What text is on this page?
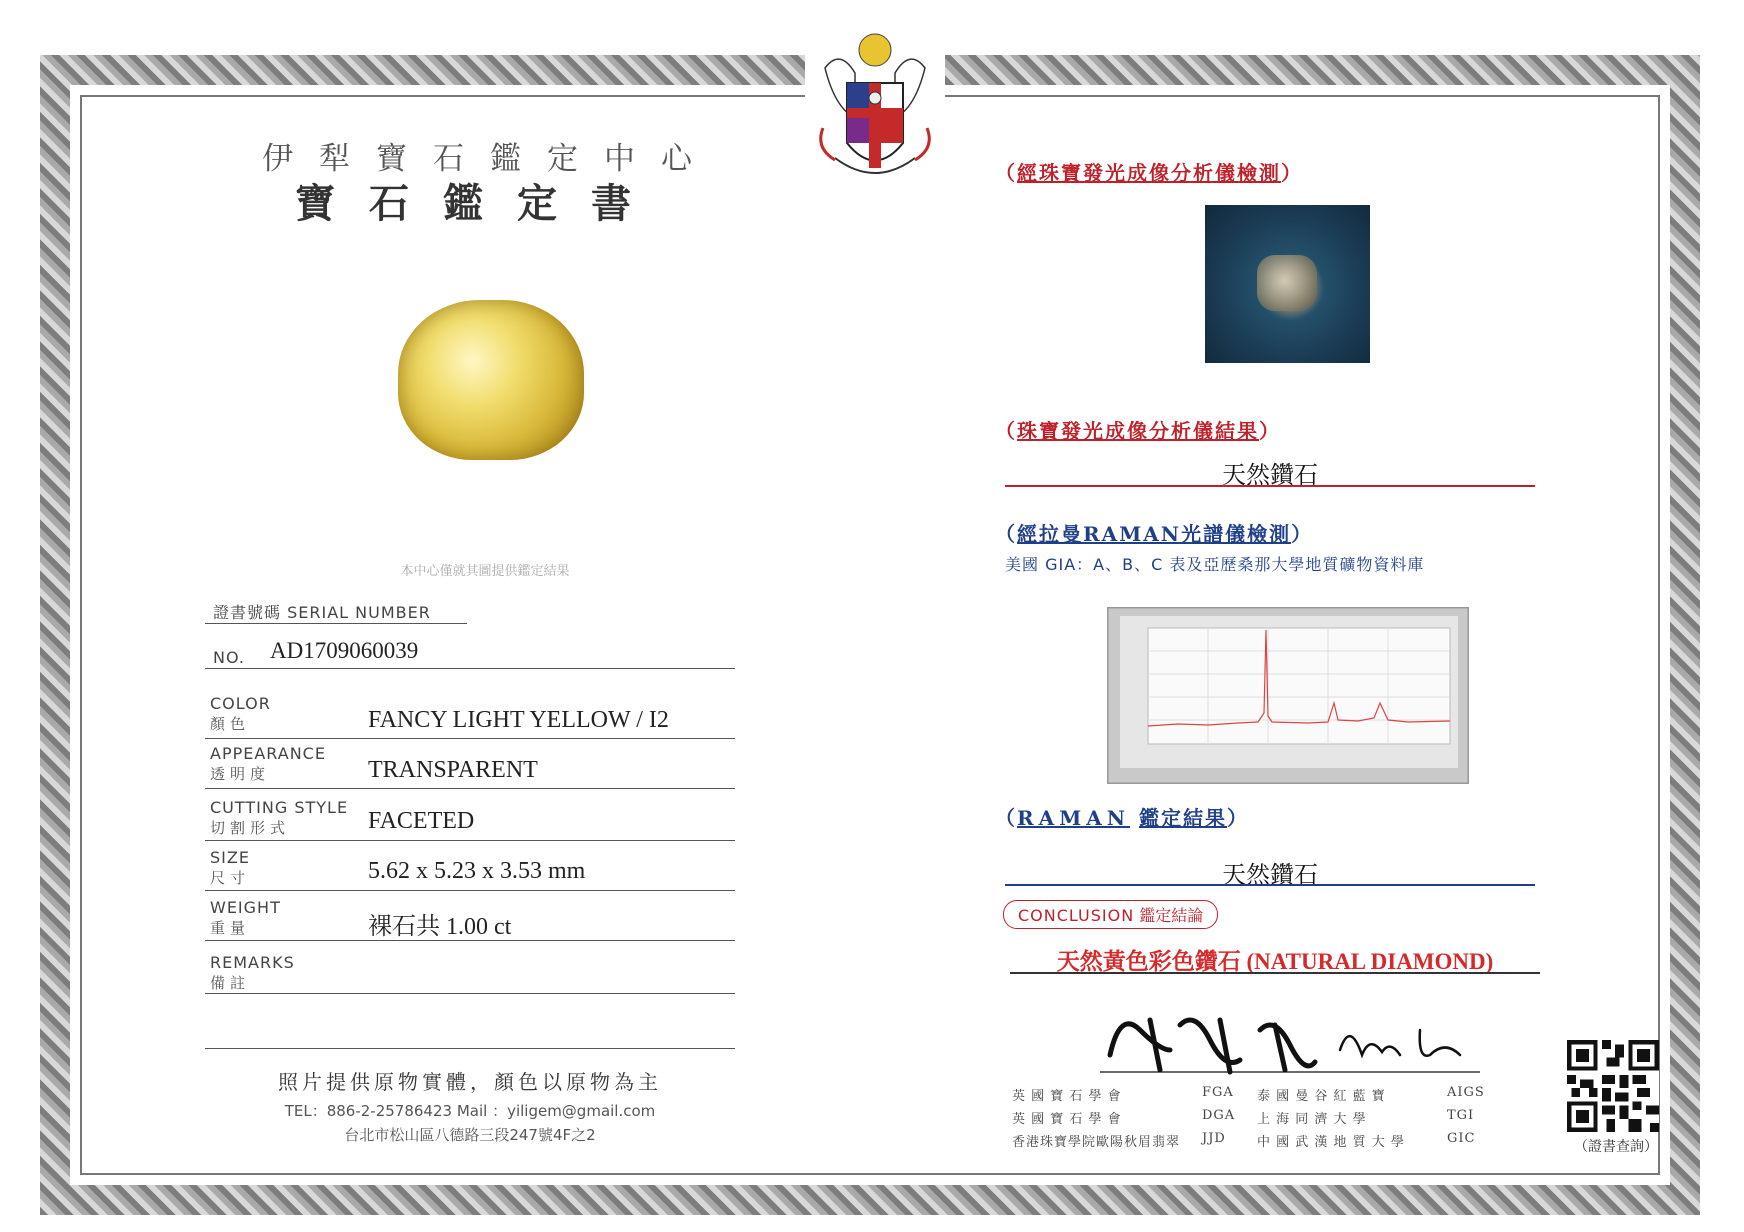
伊犁寶石鑑定中心
寶石鑑定書
本中心僅就其圖提供鑑定結果
證書號碼 SERIAL NUMBER
NO. AD1709060039
COLOR
顏色	FANCY LIGHT YELLOW / I2
APPEARANCE
透明度	TRANSPARENT
CUTTING STYLE
切割形式	FACETED
SIZE
尺寸	5.62 x 5.23 x 3.53 mm
WEIGHT
重量	裸石共 1.00 ct
REMARKS
備註
照片提供原物實體，顏色以原物為主
TEL：886-2-25786423 Mail ：yiligem@gmail.com
台北市松山區八德路三段247號4F之2
（經珠寶發光成像分析儀檢測）
（珠寶發光成像分析儀結果）
天然鑽石
（經拉曼RAMAN光譜儀檢測）
美國 GIA：A、B、C 表及亞歷桑那大學地質礦物資料庫
（RAMAN 鑑定結果）
天然鑽石
CONCLUSION 鑑定結論
天然黃色彩色鑽石 (NATURAL DIAMOND)
英 國 寶 石 學 會	FGA	泰 國 曼 谷 紅 藍 寶	AIGS
英 國 寶 石 學 會	DGA	上 海 同 濟 大 學	TGI
香港珠寶學院歐陽秋眉翡翠	JJD	中 國 武 漢 地 質 大 學	GIC
（證書查詢）
